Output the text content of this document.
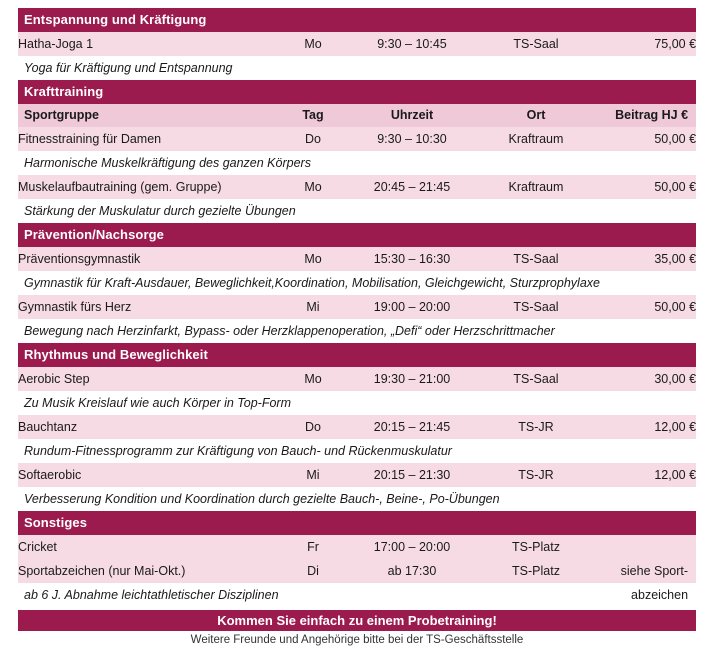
Entspannung und Kräftigung				
Hatha-Joga 1	Mo	9:30 – 10:45	TS-Saal	75,00 €
Yoga für Kräftigung und Entspannung				
Krafttraining				
Sportgruppe	Tag	Uhrzeit	Ort	Beitrag HJ €
Fitnesstraining für Damen	Do	9:30 – 10:30	Kraftraum	50,00 €
Harmonische Muskelkräftigung des ganzen Körpers				
Muskelaufbautraining (gem. Gruppe)	Mo	20:45 – 21:45	Kraftraum	50,00 €
Stärkung der Muskulatur durch gezielte Übungen				
Prävention/Nachsorge				
Präventionsgymnastik	Mo	15:30 – 16:30	TS-Saal	35,00 €
Gymnastik für Kraft-Ausdauer, Beweglichkeit,Koordination, Mobilisation, Gleichgewicht, Sturzprophylaxe				
Gymnastik fürs Herz	Mi	19:00 – 20:00	TS-Saal	50,00 €
Bewegung nach Herzinfarkt, Bypass- oder Herzklappenoperation, „Defi“ oder Herzschrittmacher				
Rhythmus und Beweglichkeit				
Aerobic Step	Mo	19:30 – 21:00	TS-Saal	30,00 €
Zu Musik Kreislauf wie auch Körper in Top-Form				
Bauchtanz	Do	20:15 – 21:45	TS-JR	12,00 €
Rundum-Fitnessprogramm zur Kräftigung von Bauch- und Rückenmuskulatur				
Softaerobic	Mi	20:15 – 21:30	TS-JR	12,00 €
Verbesserung Kondition und Koordination durch gezielte Bauch-, Beine-, Po-Übungen				
Sonstiges				
Cricket	Fr	17:00 – 20:00	TS-Platz	
Sportabzeichen (nur Mai-Okt.)	Di	ab 17:30	TS-Platz	siehe Sport-
ab 6 J. Abnahme leichtathletischer Disziplinen				abzeichen
Kommen Sie einfach zu einem Probetraining!
Weitere Freunde und Angehörige bitte bei der TS-Geschäftsstelle
